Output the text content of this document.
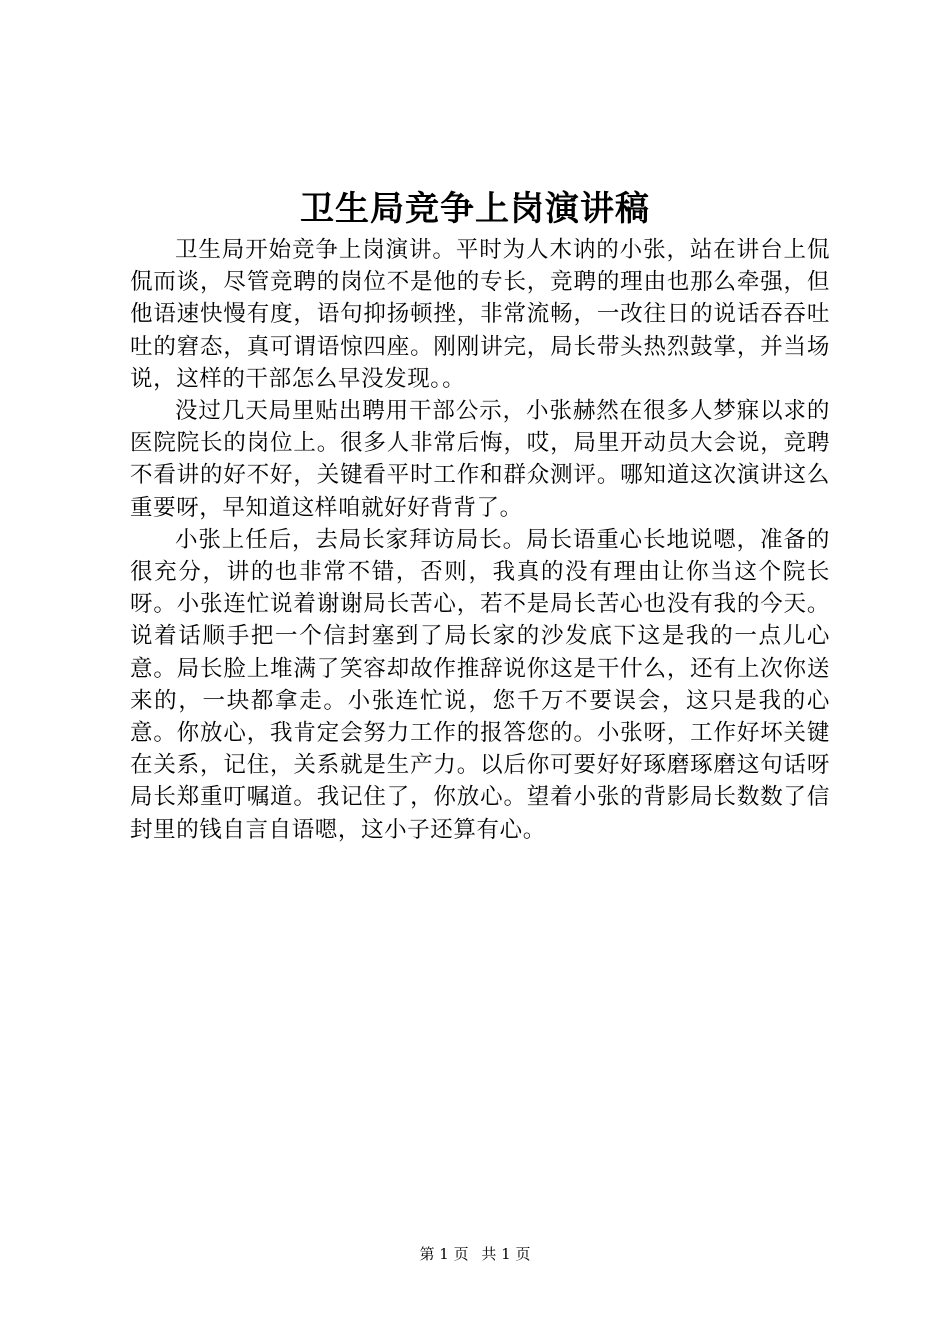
卫生局竞争上岗演讲稿

卫生局开始竞争上岗演讲。平时为人木讷的小张，站在讲台上侃侃而谈，尽管竞聘的岗位不是他的专长，竞聘的理由也那么牵强，但他语速快慢有度，语句抑扬顿挫，非常流畅，一改往日的说话吞吞吐吐的窘态，真可谓语惊四座。刚刚讲完，局长带头热烈鼓掌，并当场说，这样的干部怎么早没发现。。

没过几天局里贴出聘用干部公示，小张赫然在很多人梦寐以求的医院院长的岗位上。很多人非常后悔，哎，局里开动员大会说，竞聘不看讲的好不好，关键看平时工作和群众测评。哪知道这次演讲这么重要呀，早知道这样咱就好好背背了。

小张上任后，去局长家拜访局长。局长语重心长地说嗯，准备的很充分，讲的也非常不错，否则，我真的没有理由让你当这个院长呀。小张连忙说着谢谢局长苦心，若不是局长苦心也没有我的今天。说着话顺手把一个信封塞到了局长家的沙发底下这是我的一点儿心意。局长脸上堆满了笑容却故作推辞说你这是干什么，还有上次你送来的，一块都拿走。小张连忙说，您千万不要误会，这只是我的心意。你放心，我肯定会努力工作的报答您的。小张呀，工作好坏关键在关系，记住，关系就是生产力。以后你可要好好琢磨琢磨这句话呀局长郑重叮嘱道。我记住了，你放心。望着小张的背影局长数数了信封里的钱自言自语嗯，这小子还算有心。

第 1 页 共 1 页
